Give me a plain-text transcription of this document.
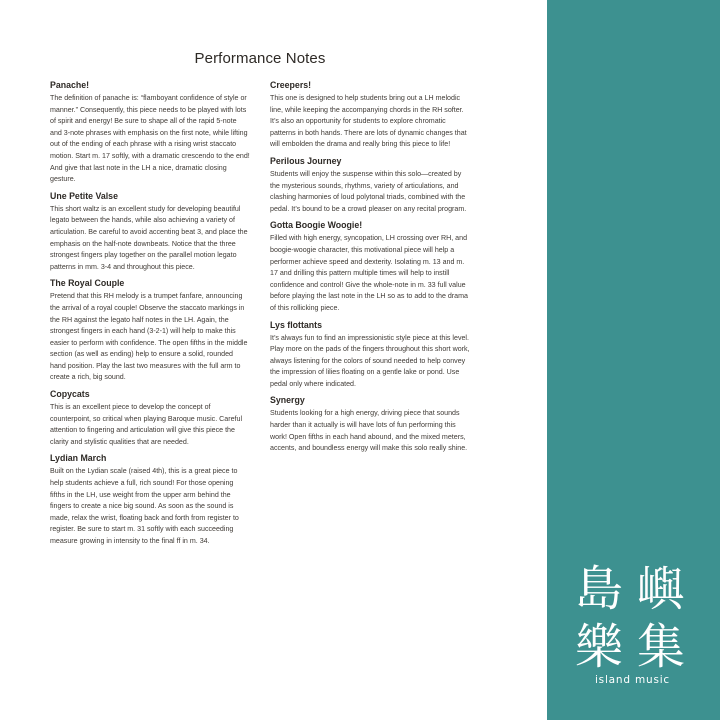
Performance Notes
Panache!

The definition of panache is: “flamboyant confidence of style or manner.” Consequently, this piece needs to be played with lots of spirit and energy! Be sure to shape all of the rapid 5-note and 3-note phrases with emphasis on the first note, while lifting out of the ending of each phrase with a rising wrist staccato motion. Start m. 17 softly, with a dramatic crescendo to the end! And give that last note in the LH a nice, dramatic closing gesture.

Une Petite Valse

This short waltz is an excellent study for developing beautiful legato between the hands, while also achieving a variety of articulation. Be careful to avoid accenting beat 3, and place the emphasis on the half-note downbeats. Notice that the three strongest fingers play together on the parallel motion legato patterns in mm. 3-4 and throughout this piece.

The Royal Couple

Pretend that this RH melody is a trumpet fanfare, announcing the arrival of a royal couple! Observe the staccato markings in the RH against the legato half notes in the LH. Again, the strongest fingers in each hand (3-2-1) will help to make this easier to perform with confidence. The open fifths in the middle section (as well as ending) help to ensure a solid, rounded hand position. Play the last two measures with the full arm to create a rich, big sound.

Copycats

This is an excellent piece to develop the concept of counterpoint, so critical when playing Baroque music. Careful attention to fingering and articulation will give this piece the clarity and stylistic qualities that are needed.

Lydian March

Built on the Lydian scale (raised 4th), this is a great piece to help students achieve a full, rich sound! For those opening fifths in the LH, use weight from the upper arm behind the fingers to create a nice big sound. As soon as the sound is made, relax the wrist, floating back and forth from register to register. Be sure to start m. 31 softly with each succeeding measure growing in intensity to the final ff in m. 34.

Creepers!

This one is designed to help students bring out a LH melodic line, while keeping the accompanying chords in the RH softer. It’s also an opportunity for students to explore chromatic patterns in both hands. There are lots of dynamic changes that will embolden the drama and really bring this piece to life!

Perilous Journey

Students will enjoy the suspense within this solo—created by the mysterious sounds, rhythms, variety of articulations, and clashing harmonies of loud polytonal triads, combined with the pedal. It’s bound to be a crowd pleaser on any recital program.

Gotta Boogie Woogie!

Filled with high energy, syncopation, LH crossing over RH, and boogie-woogie character, this motivational piece will help a performer achieve speed and dexterity. Isolating m. 13 and m. 17 and drilling this pattern multiple times will help to instill confidence and control! Give the whole-note in m. 33 full value before playing the last note in the LH so as to add to the drama of this rollicking piece.

Lys flottants

It’s always fun to find an impressionistic style piece at this level. Play more on the pads of the fingers throughout this short work, always listening for the colors of sound needed to help convey the impression of lilies floating on a gentle lake or pond. Use pedal only where indicated.

Synergy

Students looking for a high energy, driving piece that sounds harder than it actually is will have lots of fun performing this work! Open fifths in each hand abound, and the mixed meters, accents, and boundless energy will make this solo really shine.

島 嶼
樂 集
island music
